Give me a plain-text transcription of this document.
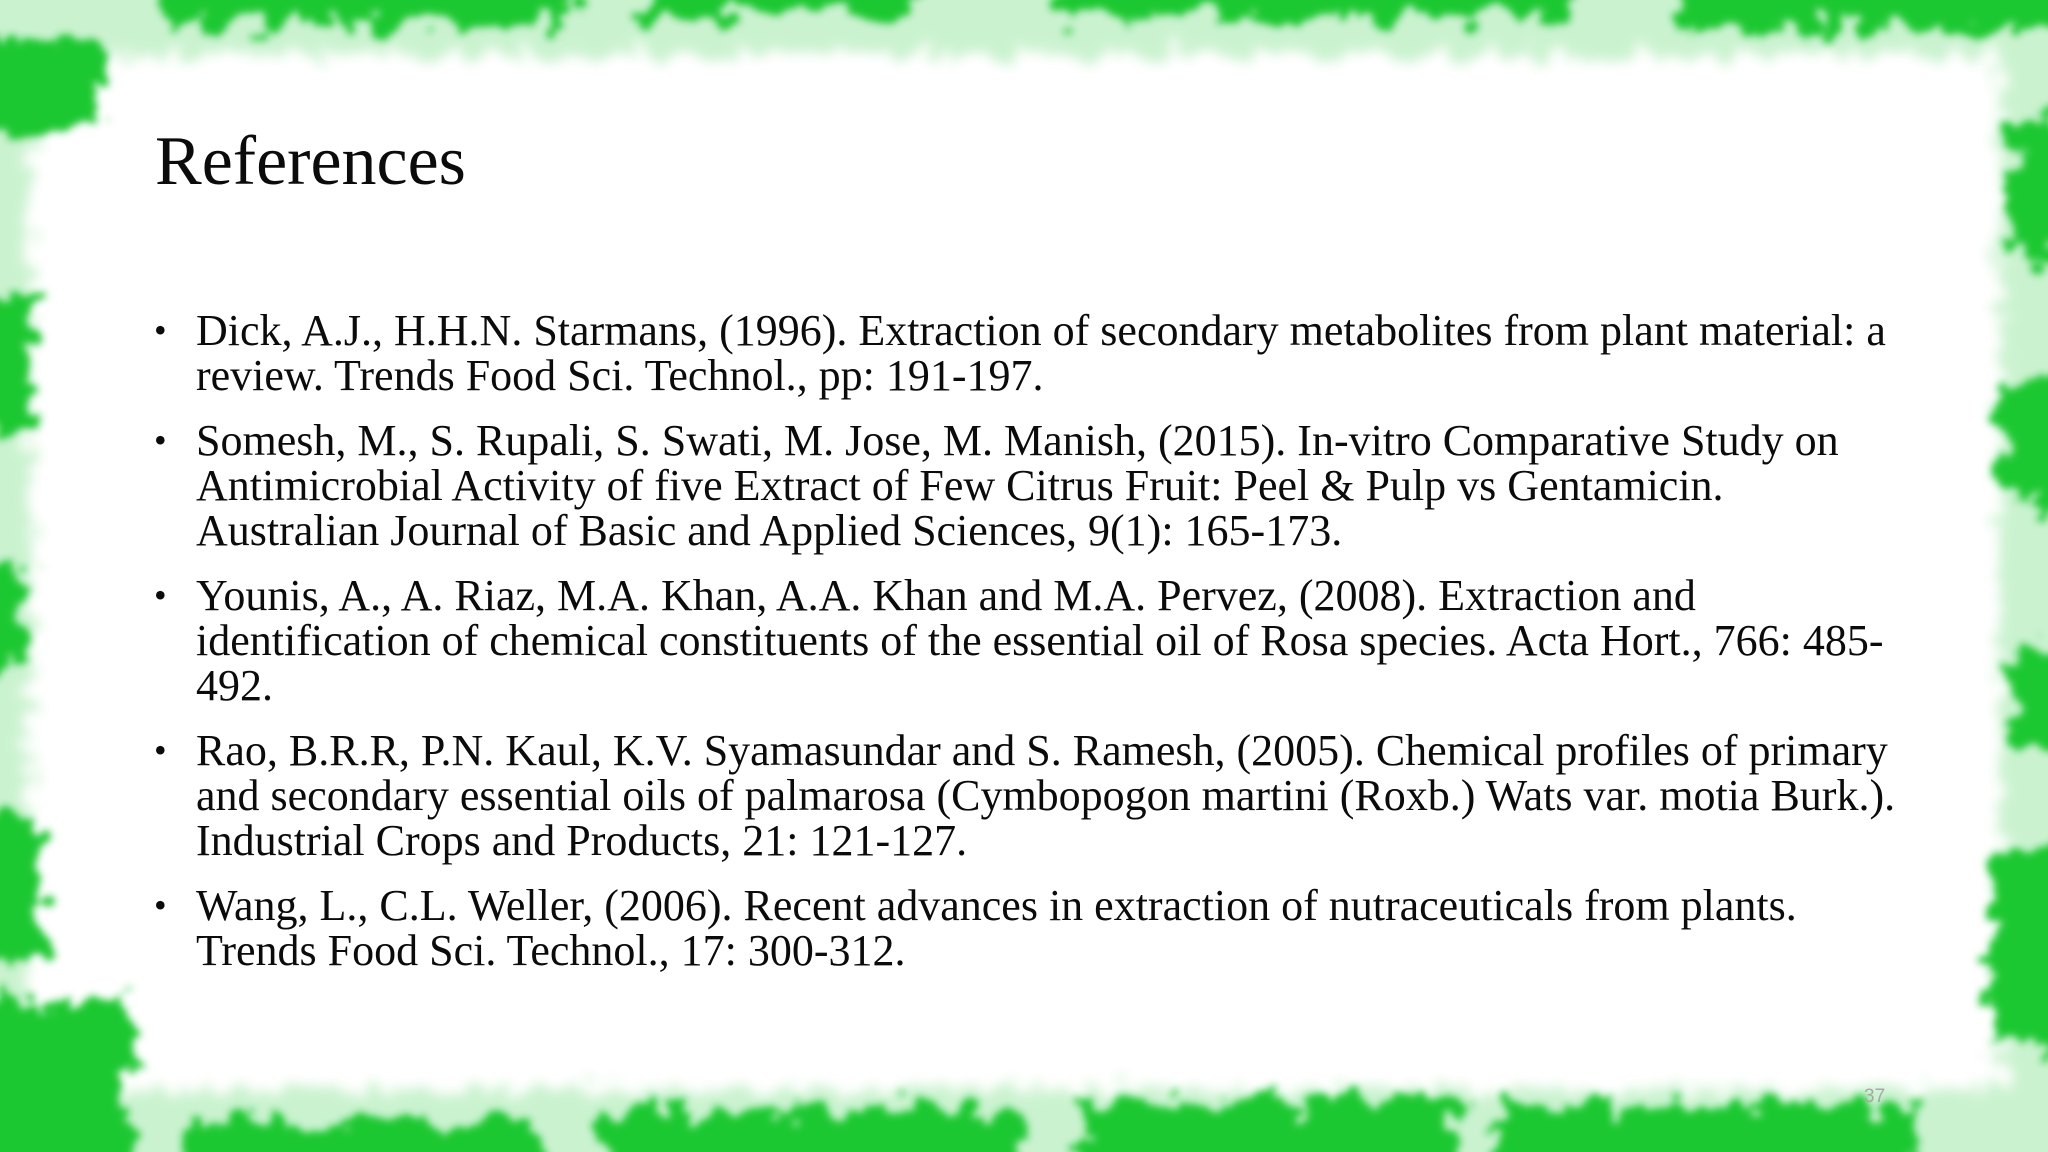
References
• Dick, A.J., H.H.N. Starmans, (1996). Extraction of secondary metabolites from plant material: a review. Trends Food Sci. Technol., pp: 191-197.
• Somesh, M., S. Rupali, S. Swati, M. Jose, M. Manish, (2015). In-vitro Comparative Study on Antimicrobial Activity of five Extract of Few Citrus Fruit: Peel & Pulp vs Gentamicin. Australian Journal of Basic and Applied Sciences, 9(1): 165-173.
• Younis, A., A. Riaz, M.A. Khan, A.A. Khan and M.A. Pervez, (2008). Extraction and identification of chemical constituents of the essential oil of Rosa species. Acta Hort., 766: 485-492.
• Rao, B.R.R, P.N. Kaul, K.V. Syamasundar and S. Ramesh, (2005). Chemical profiles of primary and secondary essential oils of palmarosa (Cymbopogon martini (Roxb.) Wats var. motia Burk.). Industrial Crops and Products, 21: 121-127.
• Wang, L., C.L. Weller, (2006). Recent advances in extraction of nutraceuticals from plants. Trends Food Sci. Technol., 17: 300-312.
37
